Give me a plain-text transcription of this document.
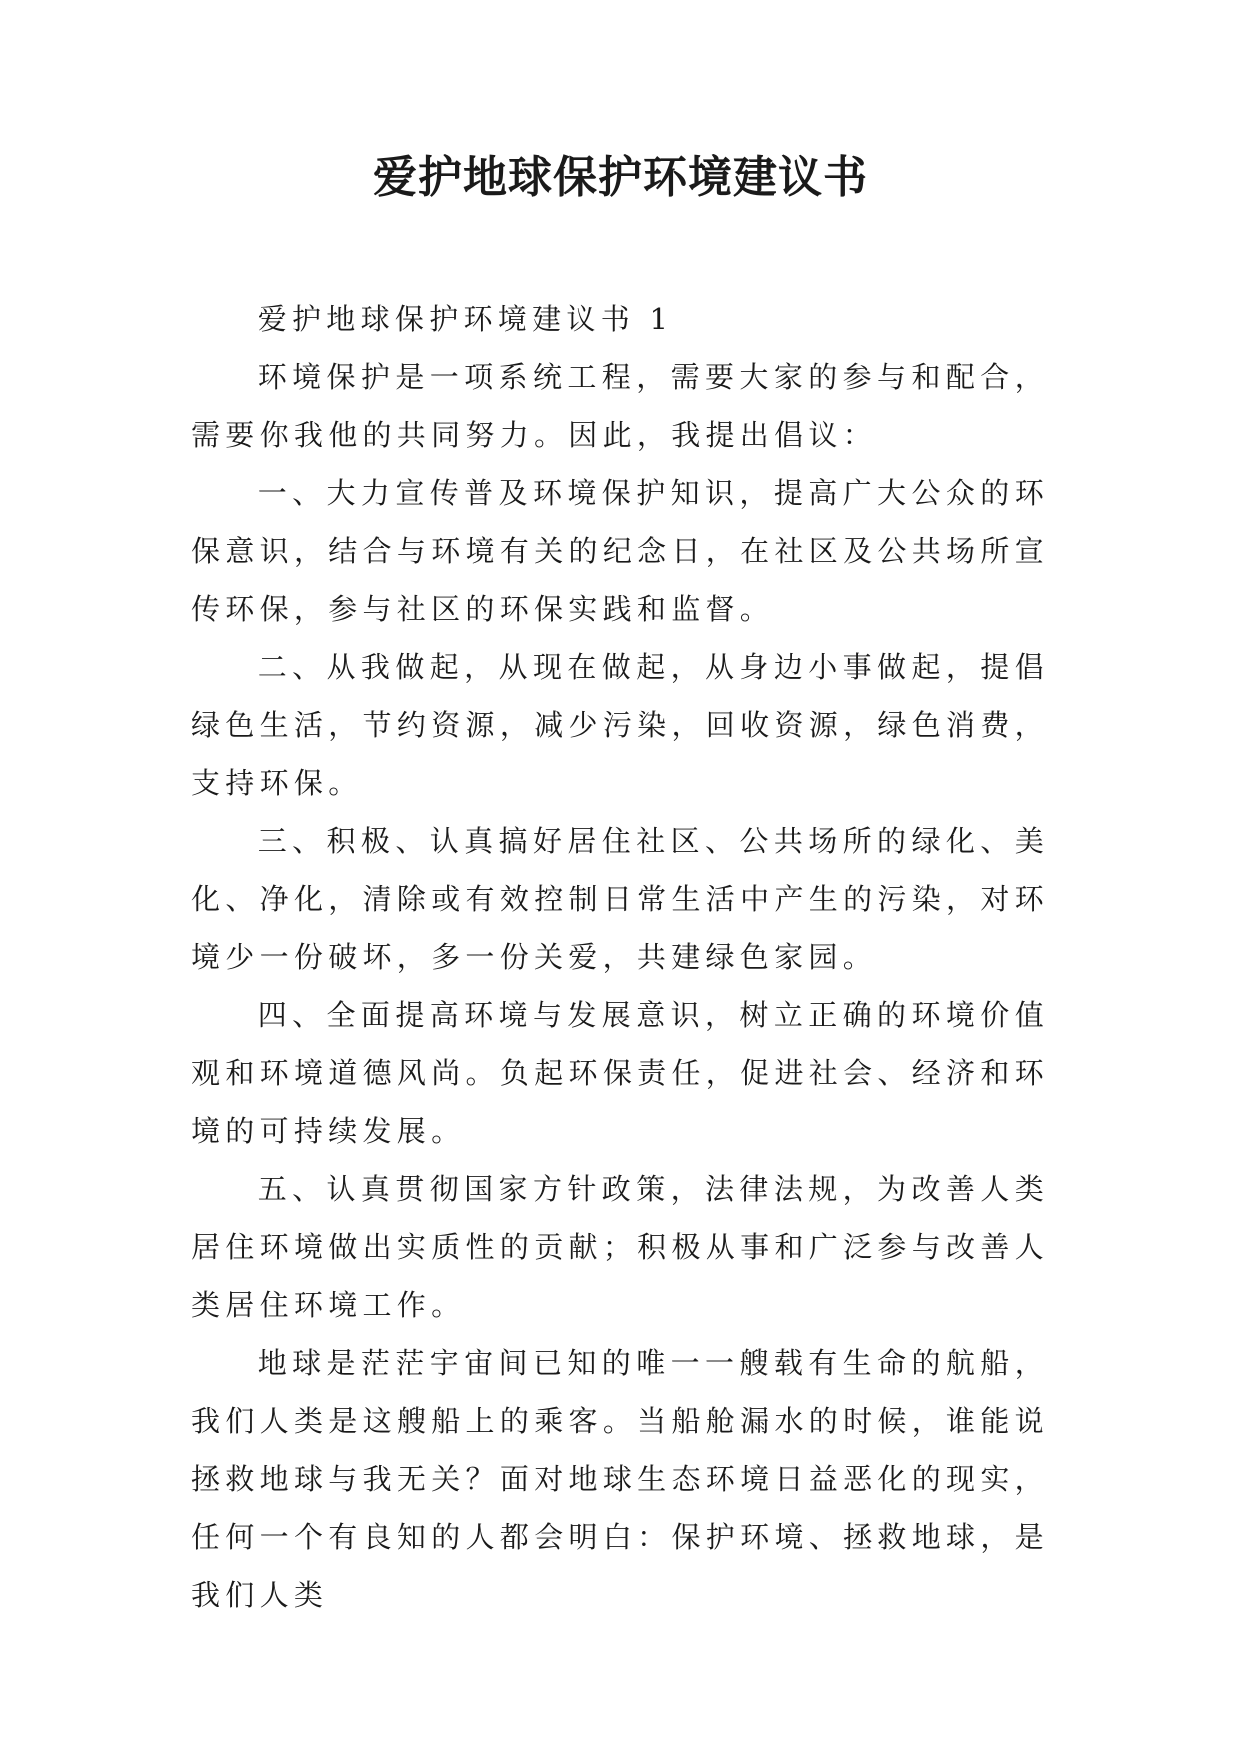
爱护地球保护环境建议书

爱护地球保护环境建议书 1

环境保护是一项系统工程，需要大家的参与和配合，需要你我他的共同努力。因此，我提出倡议：

一、大力宣传普及环境保护知识，提高广大公众的环保意识，结合与环境有关的纪念日，在社区及公共场所宣传环保，参与社区的环保实践和监督。

二、从我做起，从现在做起，从身边小事做起，提倡绿色生活，节约资源，减少污染，回收资源，绿色消费，支持环保。

三、积极、认真搞好居住社区、公共场所的绿化、美化、净化，清除或有效控制日常生活中产生的污染，对环境少一份破坏，多一份关爱，共建绿色家园。

四、全面提高环境与发展意识，树立正确的环境价值观和环境道德风尚。负起环保责任，促进社会、经济和环境的可持续发展。

五、认真贯彻国家方针政策，法律法规，为改善人类居住环境做出实质性的贡献；积极从事和广泛参与改善人类居住环境工作。

地球是茫茫宇宙间已知的唯一一艘载有生命的航船，我们人类是这艘船上的乘客。当船舱漏水的时候，谁能说拯救地球与我无关？面对地球生态环境日益恶化的现实，任何一个有良知的人都会明白：保护环境、拯救地球，是我们人类
